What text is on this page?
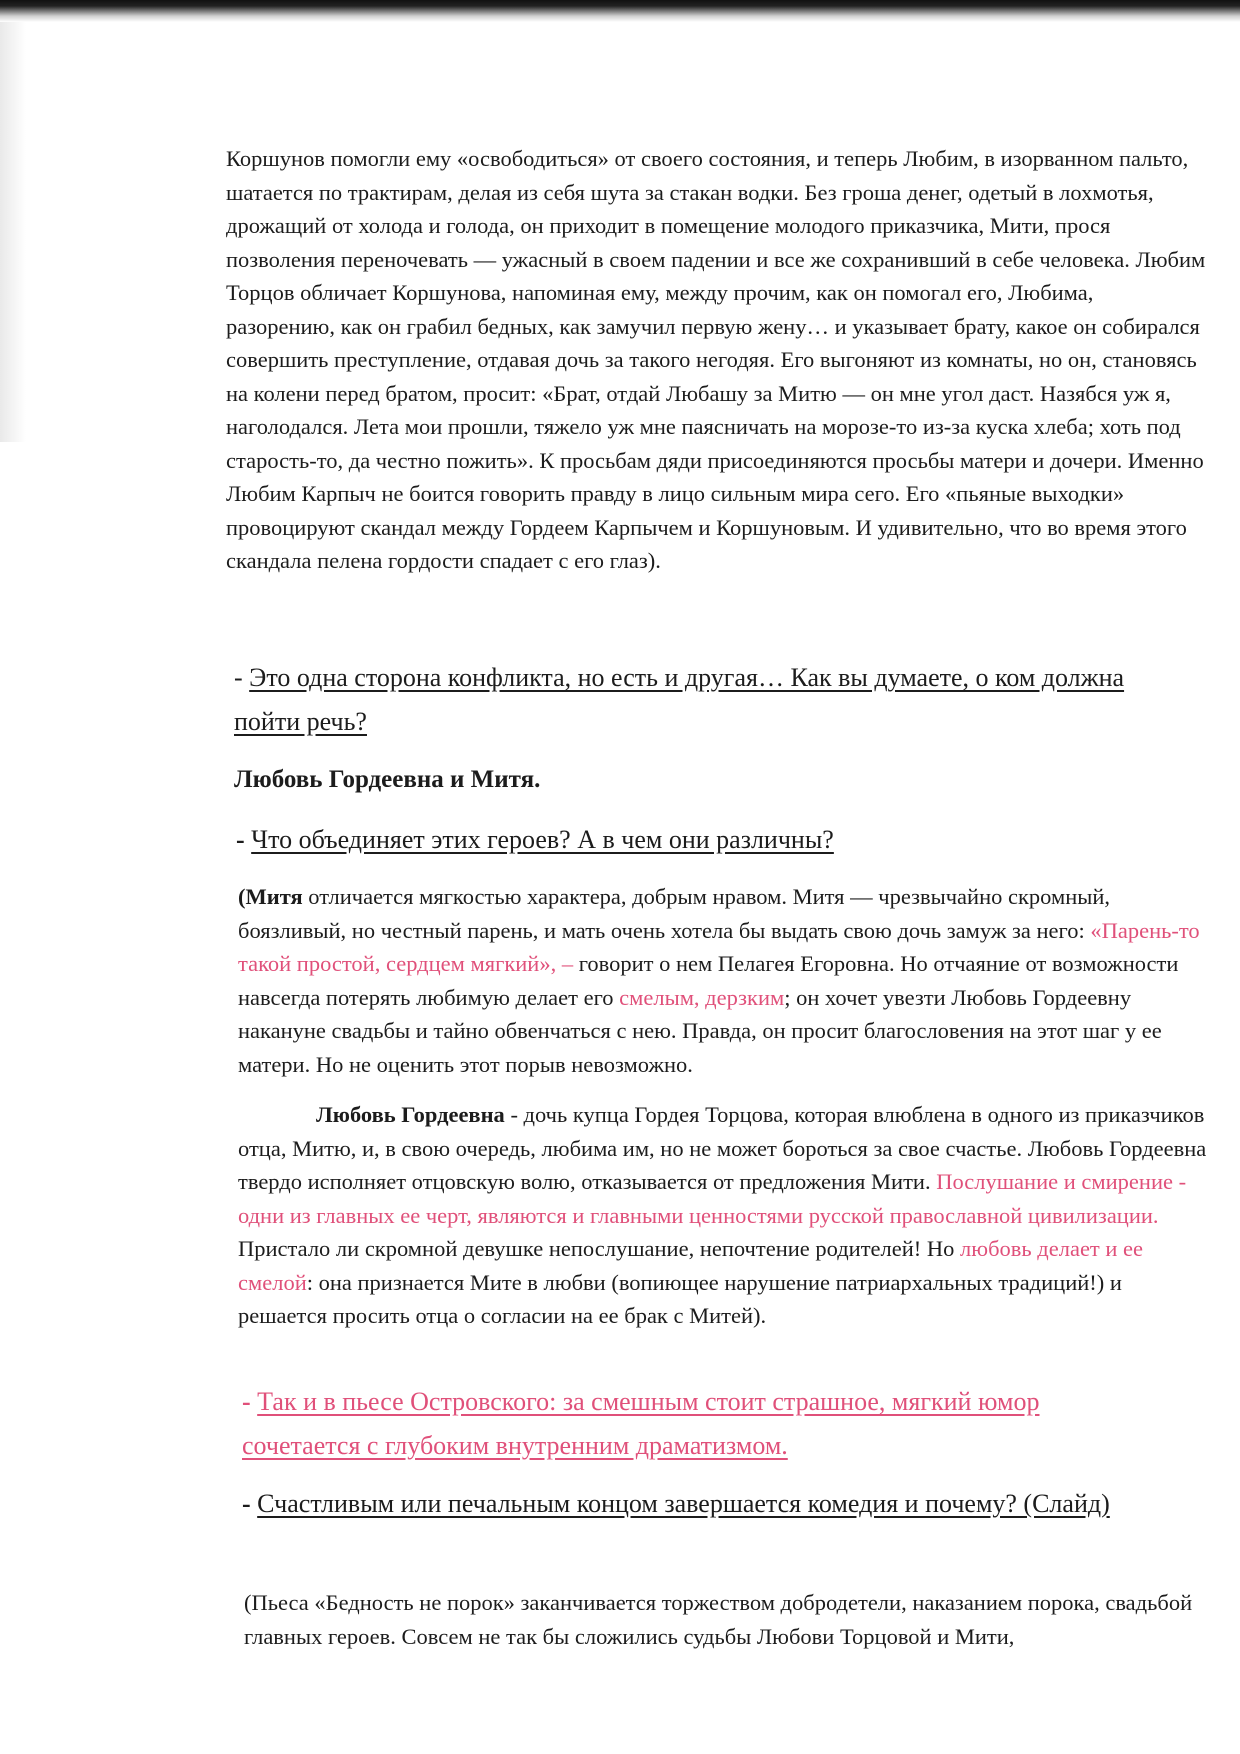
Коршунов помогли ему «освободиться» от своего состояния, и теперь Любим, в изорванном пальто, шатается по трактирам, делая из себя шута за стакан водки. Без гроша денег, одетый в лохмотья, дрожащий от холода и голода, он приходит в помещение молодого приказчика, Мити, прося позволения переночевать — ужасный в своем падении и все же сохранивший в себе человека. Любим Торцов обличает Коршунова, напоминая ему, между прочим, как он помогал его, Любима, разорению, как он грабил бедных, как замучил первую жену… и указывает брату, какое он собирался совершить преступление, отдавая дочь за такого негодяя. Его выгоняют из комнаты, но он, становясь на колени перед братом, просит: «Брат, отдай Любашу за Митю — он мне угол даст. Назябся уж я, наголодался. Лета мои прошли, тяжело уж мне паясничать на морозе-то из-за куска хлеба; хоть под старость-то, да честно пожить». К просьбам дяди присоединяются просьбы матери и дочери. Именно Любим Карпыч не боится говорить правду в лицо сильным мира сего. Его «пьяные выходки» провоцируют скандал между Гордеем Карпычем и Коршуновым. И удивительно, что во время этого скандала пелена гордости спадает с его глаз).

- Это одна сторона конфликта, но есть и другая… Как вы думаете, о ком должна пойти речь?

Любовь Гордеевна и Митя.

- Что объединяет этих героев? А в чем они различны?

(Митя отличается мягкостью характера, добрым нравом. Митя — чрезвычайно скромный, боязливый, но честный парень, и мать очень хотела бы выдать свою дочь замуж за него: «Парень-то такой простой, сердцем мягкий», – говорит о нем Пелагея Егоровна. Но отчаяние от возможности навсегда потерять любимую делает его смелым, дерзким; он хочет увезти Любовь Гордеевну накануне свадьбы и тайно обвенчаться с нею. Правда, он просит благословения на этот шаг у ее матери. Но не оценить этот порыв невозможно.

Любовь Гордеевна - дочь купца Гордея Торцова, которая влюблена в одного из приказчиков отца, Митю, и, в свою очередь, любима им, но не может бороться за свое счастье. Любовь Гордеевна твердо исполняет отцовскую волю, отказывается от предложения Мити. Послушание и смирение - одни из главных ее черт, являются и главными ценностями русской православной цивилизации. Пристало ли скромной девушке непослушание, непочтение родителей! Но любовь делает и ее смелой: она признается Мите в любви (вопиющее нарушение патриархальных традиций!) и решается просить отца о согласии на ее брак с Митей).

- Так и в пьесе Островского: за смешным стоит страшное, мягкий юмор сочетается с глубоким внутренним драматизмом.

- Счастливым или печальным концом завершается комедия и почему? (Слайд)

(Пьеса «Бедность не порок» заканчивается торжеством добродетели, наказанием порока, свадьбой главных героев. Совсем не так бы сложились судьбы Любови Торцовой и Мити,
